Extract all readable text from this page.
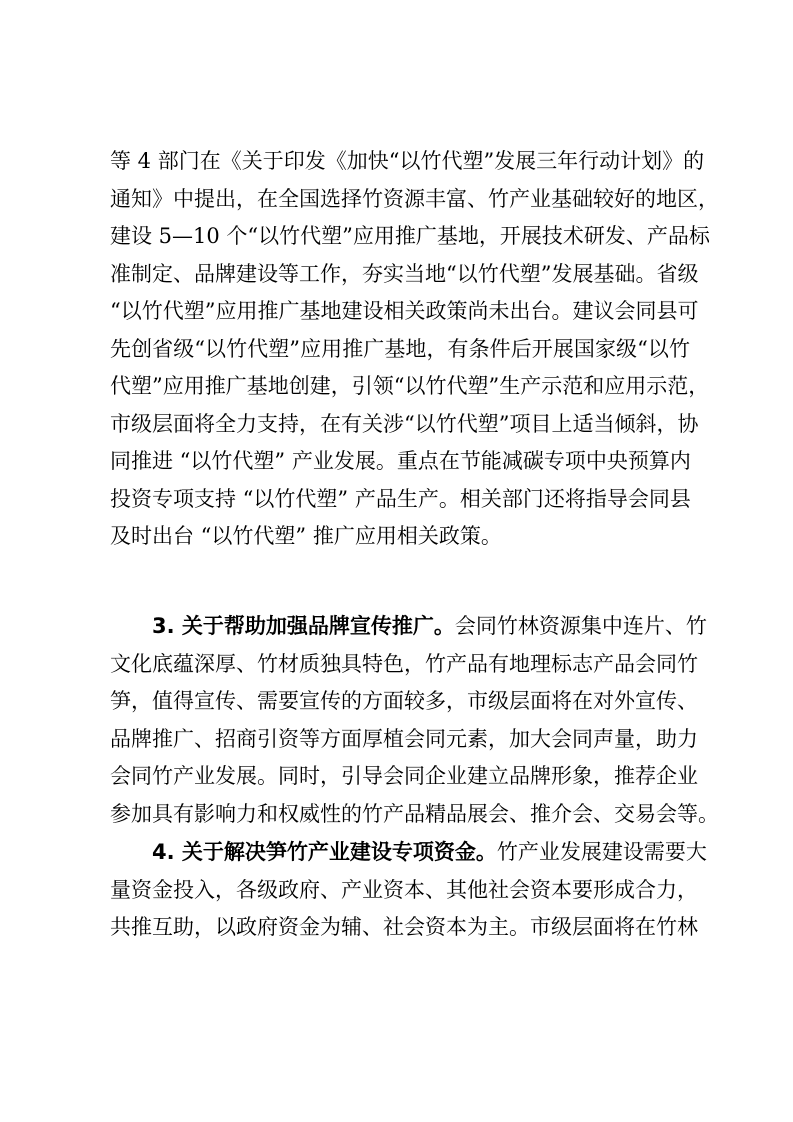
等 4 部门在《关于印发《加快“以竹代塑”发展三年行动计划》的
通知》中提出，在全国选择竹资源丰富、竹产业基础较好的地区，
建设 5—10 个“以竹代塑”应用推广基地，开展技术研发、产品标
准制定、品牌建设等工作，夯实当地“以竹代塑”发展基础。省级
“以竹代塑”应用推广基地建设相关政策尚未出台。建议会同县可
先创省级“以竹代塑”应用推广基地，有条件后开展国家级“以竹
代塑”应用推广基地创建，引领“以竹代塑”生产示范和应用示范，
市级层面将全力支持，在有关涉“以竹代塑”项目上适当倾斜，协
同推进 “以竹代塑” 产业发展。重点在节能减碳专项中央预算内
投资专项支持 “以竹代塑” 产品生产。相关部门还将指导会同县
及时出台 “以竹代塑” 推广应用相关政策。
3. 关于帮助加强品牌宣传推广。会同竹林资源集中连片、竹
文化底蕴深厚、竹材质独具特色，竹产品有地理标志产品会同竹
笋，值得宣传、需要宣传的方面较多，市级层面将在对外宣传、
品牌推广、招商引资等方面厚植会同元素，加大会同声量，助力
会同竹产业发展。同时，引导会同企业建立品牌形象，推荐企业
参加具有影响力和权威性的竹产品精品展会、推介会、交易会等。
4. 关于解决笋竹产业建设专项资金。竹产业发展建设需要大
量资金投入，各级政府、产业资本、其他社会资本要形成合力，
共推互助，以政府资金为辅、社会资本为主。市级层面将在竹林
